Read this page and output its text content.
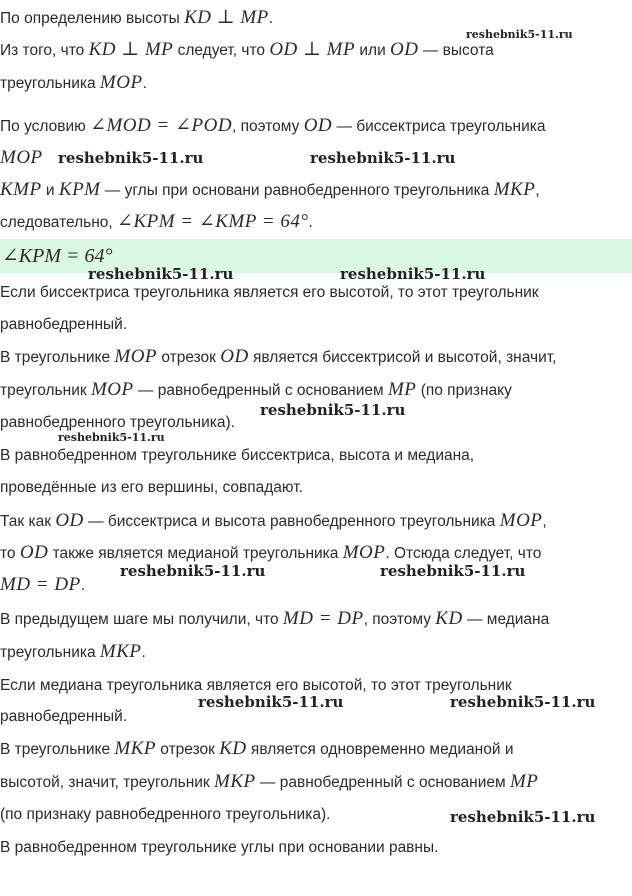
По определению высоты KD ⊥ MP.
Из того, что KD ⊥ MP следует, что OD ⊥ MP или OD — высота
треугольника MOP.
По условию ∠MOD = ∠POD, поэтому OD — биссектриса треугольника
MOP
KMP и KPM — углы при основани равнобедренного треугольника MKP,
следовательно, ∠KPM = ∠KMP = 64°.
∠KPM = 64°
Если биссектриса треугольника является его высотой, то этот треугольник
равнобедренный.
В треугольнике MOP отрезок OD является биссектрисой и высотой, значит,
треугольник MOP — равнобедренный с основанием MP (по признаку
равнобедренного треугольника).
В равнобедренном треугольнике биссектриса, высота и медиана,
проведённые из его вершины, совпадают.
Так как OD — биссектриса и высота равнобедренного треугольника MOP,
то OD также является медианой треугольника MOP. Отсюда следует, что
MD = DP.
В предыдущем шаге мы получили, что MD = DP, поэтому KD — медиана
треугольника MKP.
Если медиана треугольника является его высотой, то этот треугольник
равнобедренный.
В треугольнике MKP отрезок KD является одновременно медианой и
высотой, значит, треугольник MKP — равнобедренный с основанием MP
(по признаку равнобедренного треугольника).
В равнобедренном треугольнике углы при основании равны.
reshebnik5-11.ru
reshebnik5-11.ru	reshebnik5-11.ru
reshebnik5-11.ru	reshebnik5-11.ru
reshebnik5-11.ru
reshebnik5-11.ru
reshebnik5-11.ru	reshebnik5-11.ru
reshebnik5-11.ru	reshebnik5-11.ru
reshebnik5-11.ru
